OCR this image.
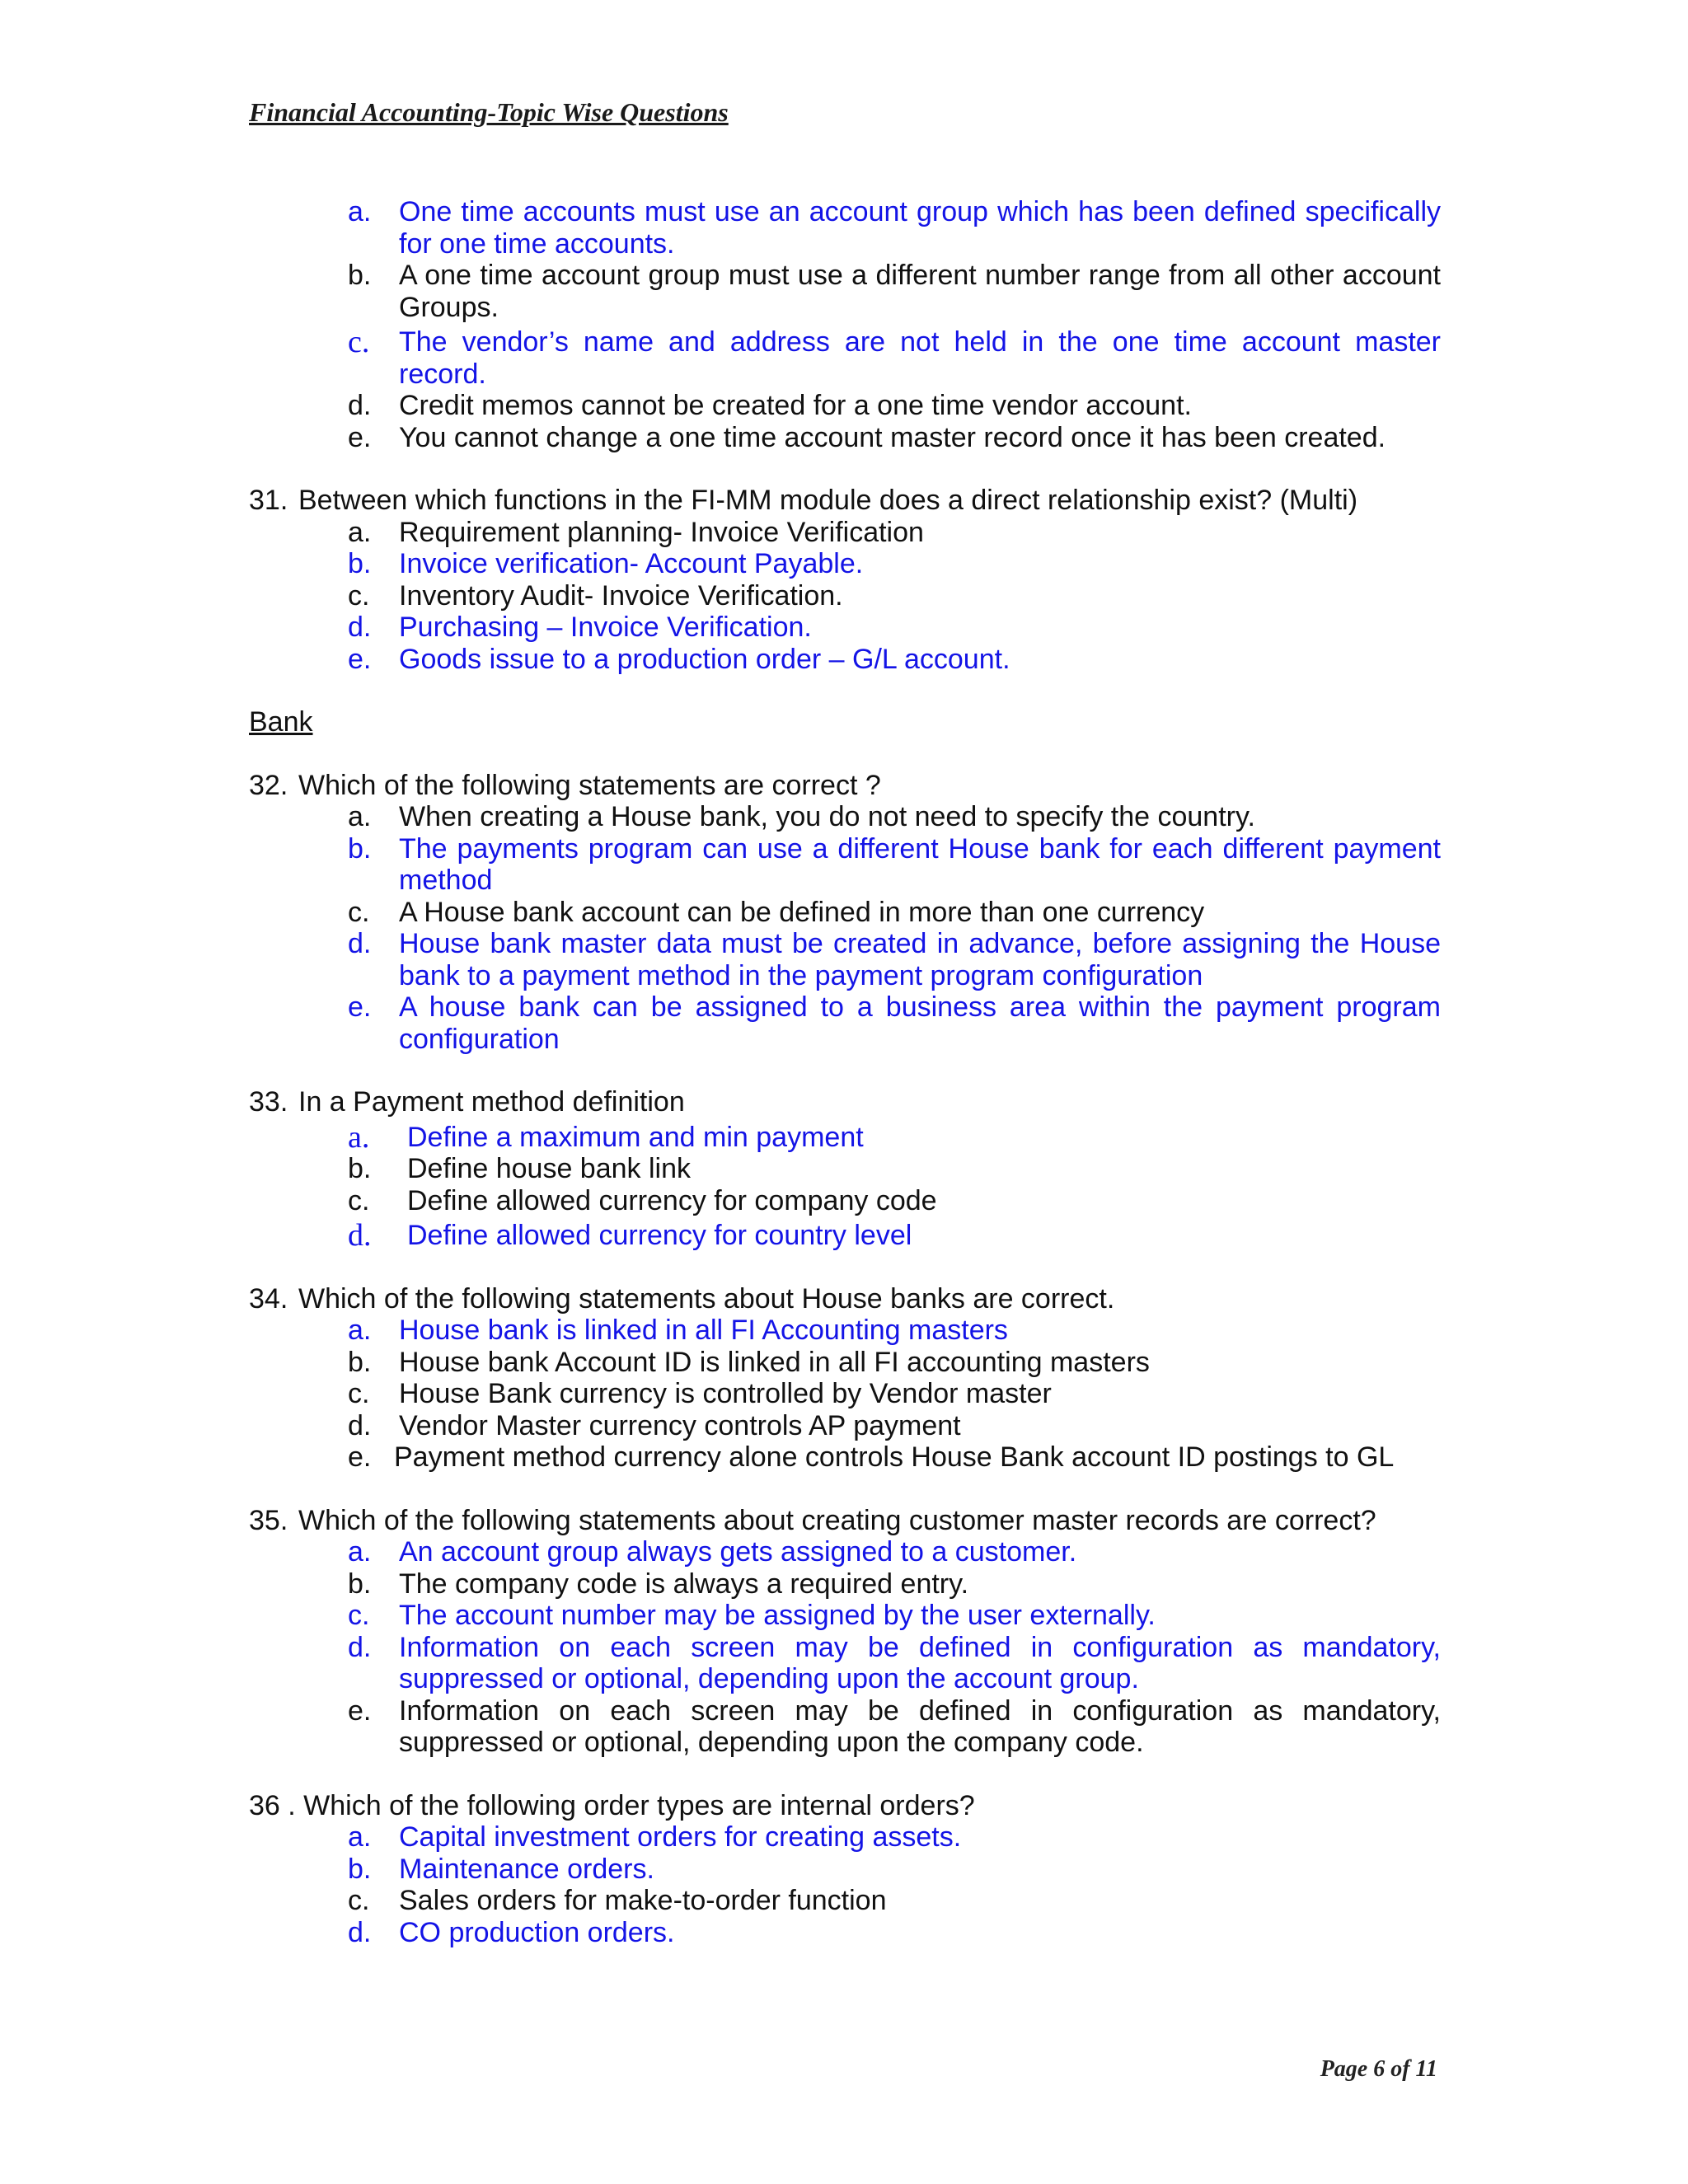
Financial Accounting-Topic Wise Questions
a. One time accounts must use an account group which has been defined specifically for one time accounts.
b. A one time account group must use a different number range from all other account Groups.
c.	The vendor’s name and address are not held in the one time account master record.
d. Credit memos cannot be created for a one time vendor account.
e. You cannot change a one time account master record once it has been created.
31. Between which functions in the FI-MM module does a direct relationship exist? (Multi)
a. Requirement planning- Invoice Verification
b. Invoice verification- Account Payable.
c.	Inventory Audit- Invoice Verification.
d. Purchasing – Invoice Verification.
e. Goods issue to a production order – G/L account.
Bank
32. Which of the following statements are correct ?
a. When creating a House bank, you do not need to specify the country.
b. The payments program can use a different House bank for each different payment method
c.	A House bank account can be defined in more than one currency
d. House bank master data must be created in advance, before assigning the House bank to a payment method in the payment program configuration
e. A house bank can be assigned to a business area within the payment program configuration
33. In a Payment method definition
a.	Define a maximum and min payment
b.	Define house bank link
c.	Define allowed currency for company code
d.	Define allowed currency for country level
34. Which of the following statements about House banks are correct.
a. House bank is linked in all FI Accounting masters
b. House bank Account ID is linked in all FI accounting masters
c.	House Bank currency is controlled by Vendor master
d. Vendor Master currency controls AP payment
e. Payment method currency alone controls House Bank account ID postings to GL
35. Which of the following statements about creating customer master records are correct?
a. An account group always gets assigned to a customer.
b. The company code is always a required entry.
c.	The account number may be assigned by the user externally.
d. Information on each screen may be defined in configuration as mandatory, suppressed or optional, depending upon the account group.
e. Information on each screen may be defined in configuration as mandatory, suppressed or optional, depending upon the company code.
36 . Which of the following order types are internal orders?
a. Capital investment orders for creating assets.
b. Maintenance orders.
c.	Sales orders for make-to-order function
d. CO production orders.
Page 6 of 11
